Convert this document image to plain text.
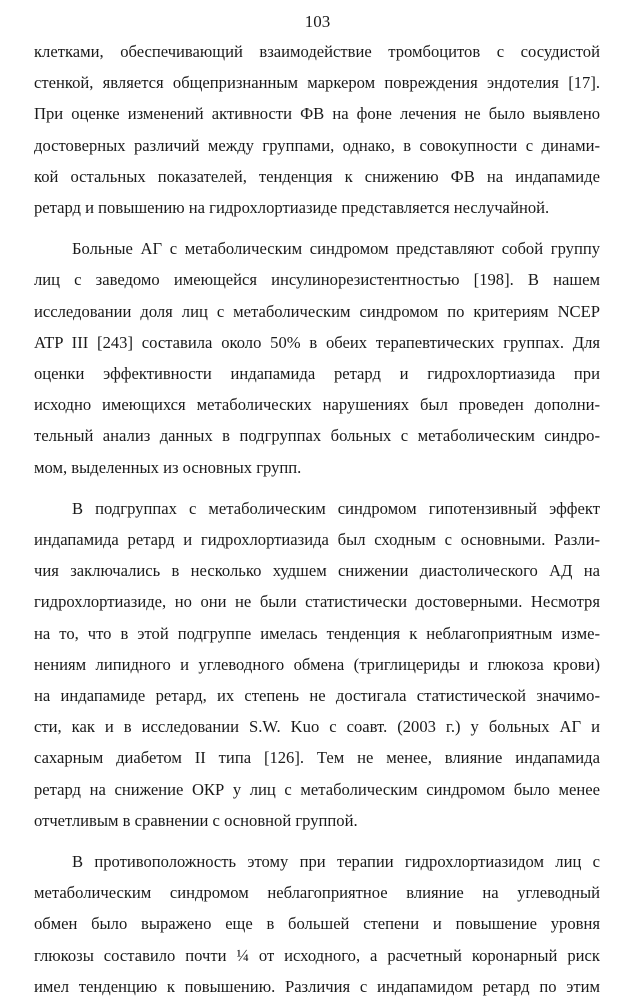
103

клетками, обеспечивающий взаимодействие тромбоцитов с сосудистой

стенкой, является общепризнанным маркером повреждения эндотелия [17].

При оценке изменений активности ФВ на фоне лечения не было выявлено

достоверных различий между группами, однако, в совокупности с динами-

кой остальных показателей, тенденция к снижению ФВ на индапамиде

ретард и повышению на гидрохлортиазиде представляется неслучайной.

Больные АГ с метаболическим синдромом представляют собой группу

лиц с заведомо имеющейся инсулинорезистентностью [198]. В нашем

исследовании доля лиц с метаболическим синдромом по критериям NCEP

ATP III [243] составила около 50% в обеих терапевтических группах. Для

оценки эффективности индапамида ретард и гидрохлортиазида при

исходно имеющихся метаболических нарушениях был проведен дополни-

тельный анализ данных в подгруппах больных с метаболическим синдро-

мом, выделенных из основных групп.

В подгруппах с метаболическим синдромом гипотензивный эффект

индапамида ретард и гидрохлортиазида был сходным с основными. Разли-

чия заключались в несколько худшем снижении диастолического АД на

гидрохлортиазиде, но они не были статистически достоверными. Несмотря

на то, что в этой подгруппе имелась тенденция к неблагоприятным изме-

нениям липидного и углеводного обмена (триглицериды и глюкоза крови)

на индапамиде ретард, их степень не достигала статистической значимо-

сти, как и в исследовании S.W. Kuo с соавт. (2003 г.) у больных АГ и

сахарным диабетом II типа [126]. Тем не менее, влияние индапамида

ретард на снижение ОКР у лиц с метаболическим синдромом было менее

отчетливым в сравнении с основной группой.

В противоположность этому при терапии гидрохлортиазидом лиц с

метаболическим синдромом неблагоприятное влияние на углеводный

обмен было выражено еще в большей степени и повышение уровня

глюкозы составило почти ¼ от исходного, а расчетный коронарный риск

имел тенденцию к повышению. Различия с индапамидом ретард по этим
